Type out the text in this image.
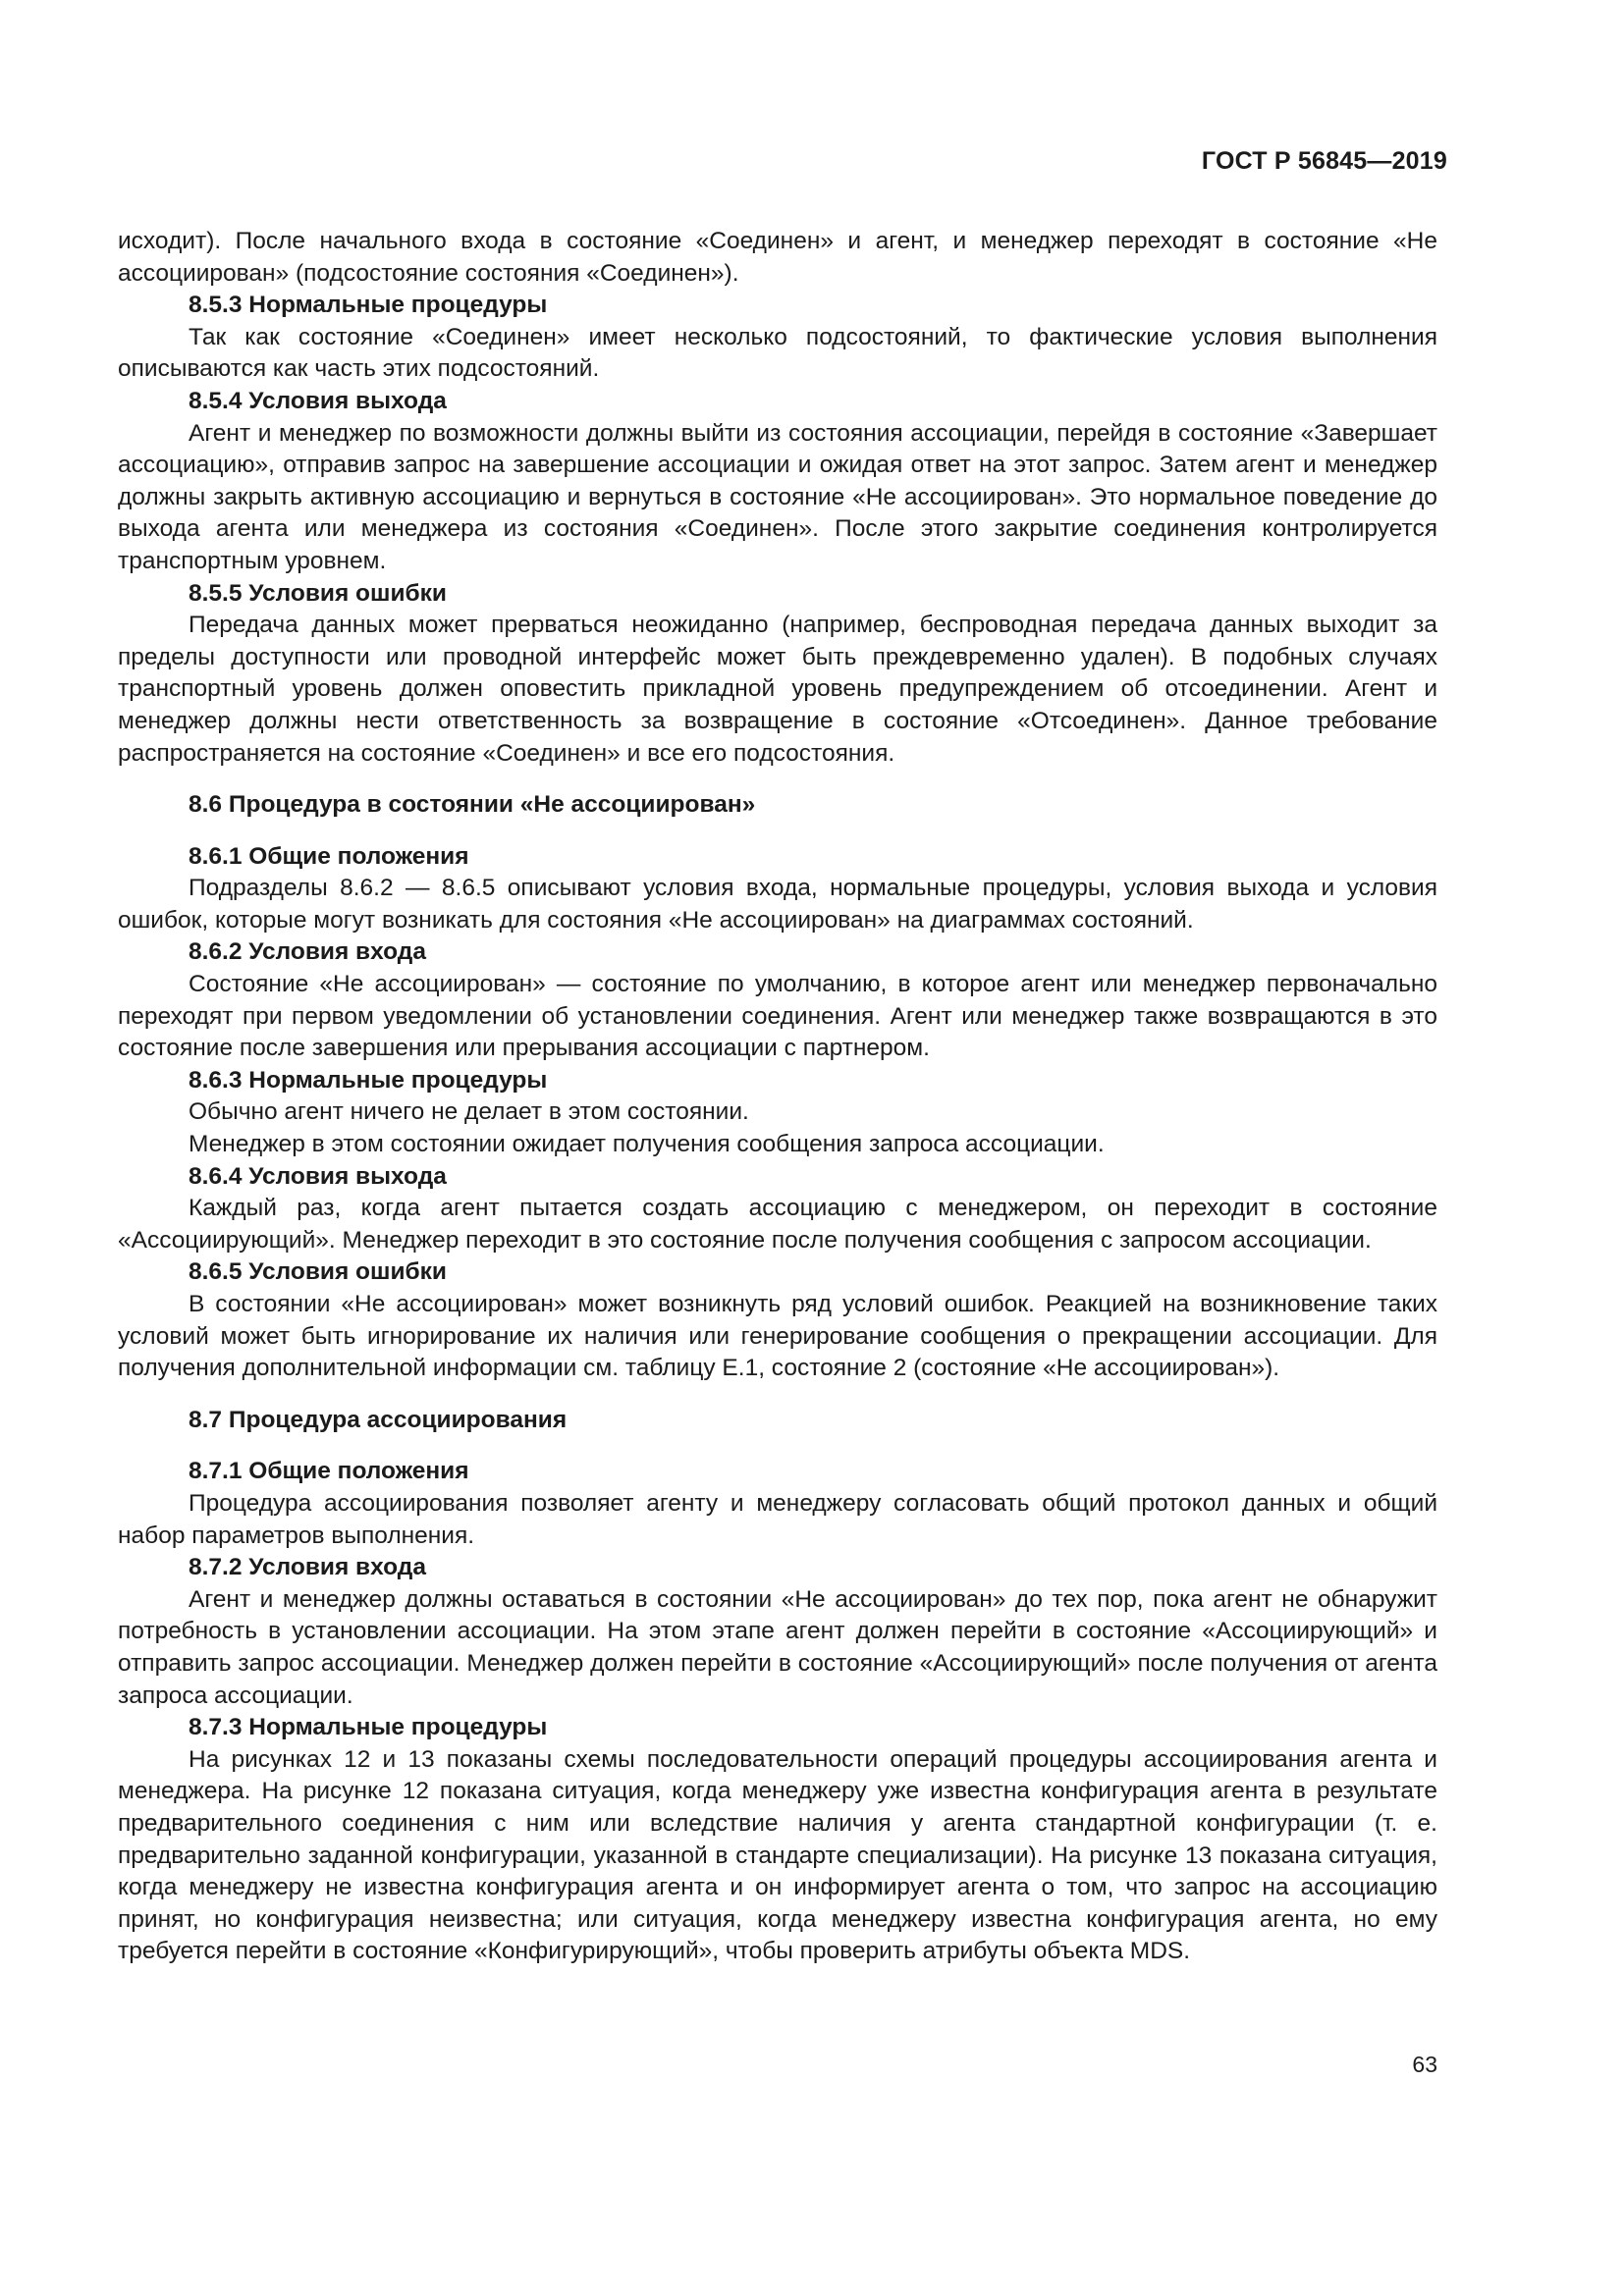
ГОСТ Р 56845—2019
исходит). После начального входа в состояние «Соединен» и агент, и менеджер переходят в состояние «Не ассоциирован» (подсостояние состояния «Соединен»).
8.5.3 Нормальные процедуры
Так как состояние «Соединен» имеет несколько подсостояний, то фактические условия выполнения описываются как часть этих подсостояний.
8.5.4 Условия выхода
Агент и менеджер по возможности должны выйти из состояния ассоциации, перейдя в состояние «Завершает ассоциацию», отправив запрос на завершение ассоциации и ожидая ответ на этот запрос. Затем агент и менеджер должны закрыть активную ассоциацию и вернуться в состояние «Не ассоциирован». Это нормальное поведение до выхода агента или менеджера из состояния «Соединен». После этого закрытие соединения контролируется транспортным уровнем.
8.5.5 Условия ошибки
Передача данных может прерваться неожиданно (например, беспроводная передача данных выходит за пределы доступности или проводной интерфейс может быть преждевременно удален). В подобных случаях транспортный уровень должен оповестить прикладной уровень предупреждением об отсоединении. Агент и менеджер должны нести ответственность за возвращение в состояние «Отсоединен». Данное требование распространяется на состояние «Соединен» и все его подсостояния.
8.6 Процедура в состоянии «Не ассоциирован»
8.6.1 Общие положения
Подразделы 8.6.2 — 8.6.5 описывают условия входа, нормальные процедуры, условия выхода и условия ошибок, которые могут возникать для состояния «Не ассоциирован» на диаграммах состояний.
8.6.2 Условия входа
Состояние «Не ассоциирован» — состояние по умолчанию, в которое агент или менеджер первоначально переходят при первом уведомлении об установлении соединения. Агент или менеджер также возвращаются в это состояние после завершения или прерывания ассоциации с партнером.
8.6.3 Нормальные процедуры
Обычно агент ничего не делает в этом состоянии.
Менеджер в этом состоянии ожидает получения сообщения запроса ассоциации.
8.6.4 Условия выхода
Каждый раз, когда агент пытается создать ассоциацию с менеджером, он переходит в состояние «Ассоциирующий». Менеджер переходит в это состояние после получения сообщения с запросом ассоциации.
8.6.5 Условия ошибки
В состоянии «Не ассоциирован» может возникнуть ряд условий ошибок. Реакцией на возникновение таких условий может быть игнорирование их наличия или генерирование сообщения о прекращении ассоциации. Для получения дополнительной информации см. таблицу Е.1, состояние 2 (состояние «Не ассоциирован»).
8.7 Процедура ассоциирования
8.7.1 Общие положения
Процедура ассоциирования позволяет агенту и менеджеру согласовать общий протокол данных и общий набор параметров выполнения.
8.7.2 Условия входа
Агент и менеджер должны оставаться в состоянии «Не ассоциирован» до тех пор, пока агент не обнаружит потребность в установлении ассоциации. На этом этапе агент должен перейти в состояние «Ассоциирующий» и отправить запрос ассоциации. Менеджер должен перейти в состояние «Ассоциирующий» после получения от агента запроса ассоциации.
8.7.3 Нормальные процедуры
На рисунках 12 и 13 показаны схемы последовательности операций процедуры ассоциирования агента и менеджера. На рисунке 12 показана ситуация, когда менеджеру уже известна конфигурация агента в результате предварительного соединения с ним или вследствие наличия у агента стандартной конфигурации (т. е. предварительно заданной конфигурации, указанной в стандарте специализации). На рисунке 13 показана ситуация, когда менеджеру не известна конфигурация агента и он информирует агента о том, что запрос на ассоциацию принят, но конфигурация неизвестна; или ситуация, когда менеджеру известна конфигурация агента, но ему требуется перейти в состояние «Конфигурирующий», чтобы проверить атрибуты объекта MDS.
63
